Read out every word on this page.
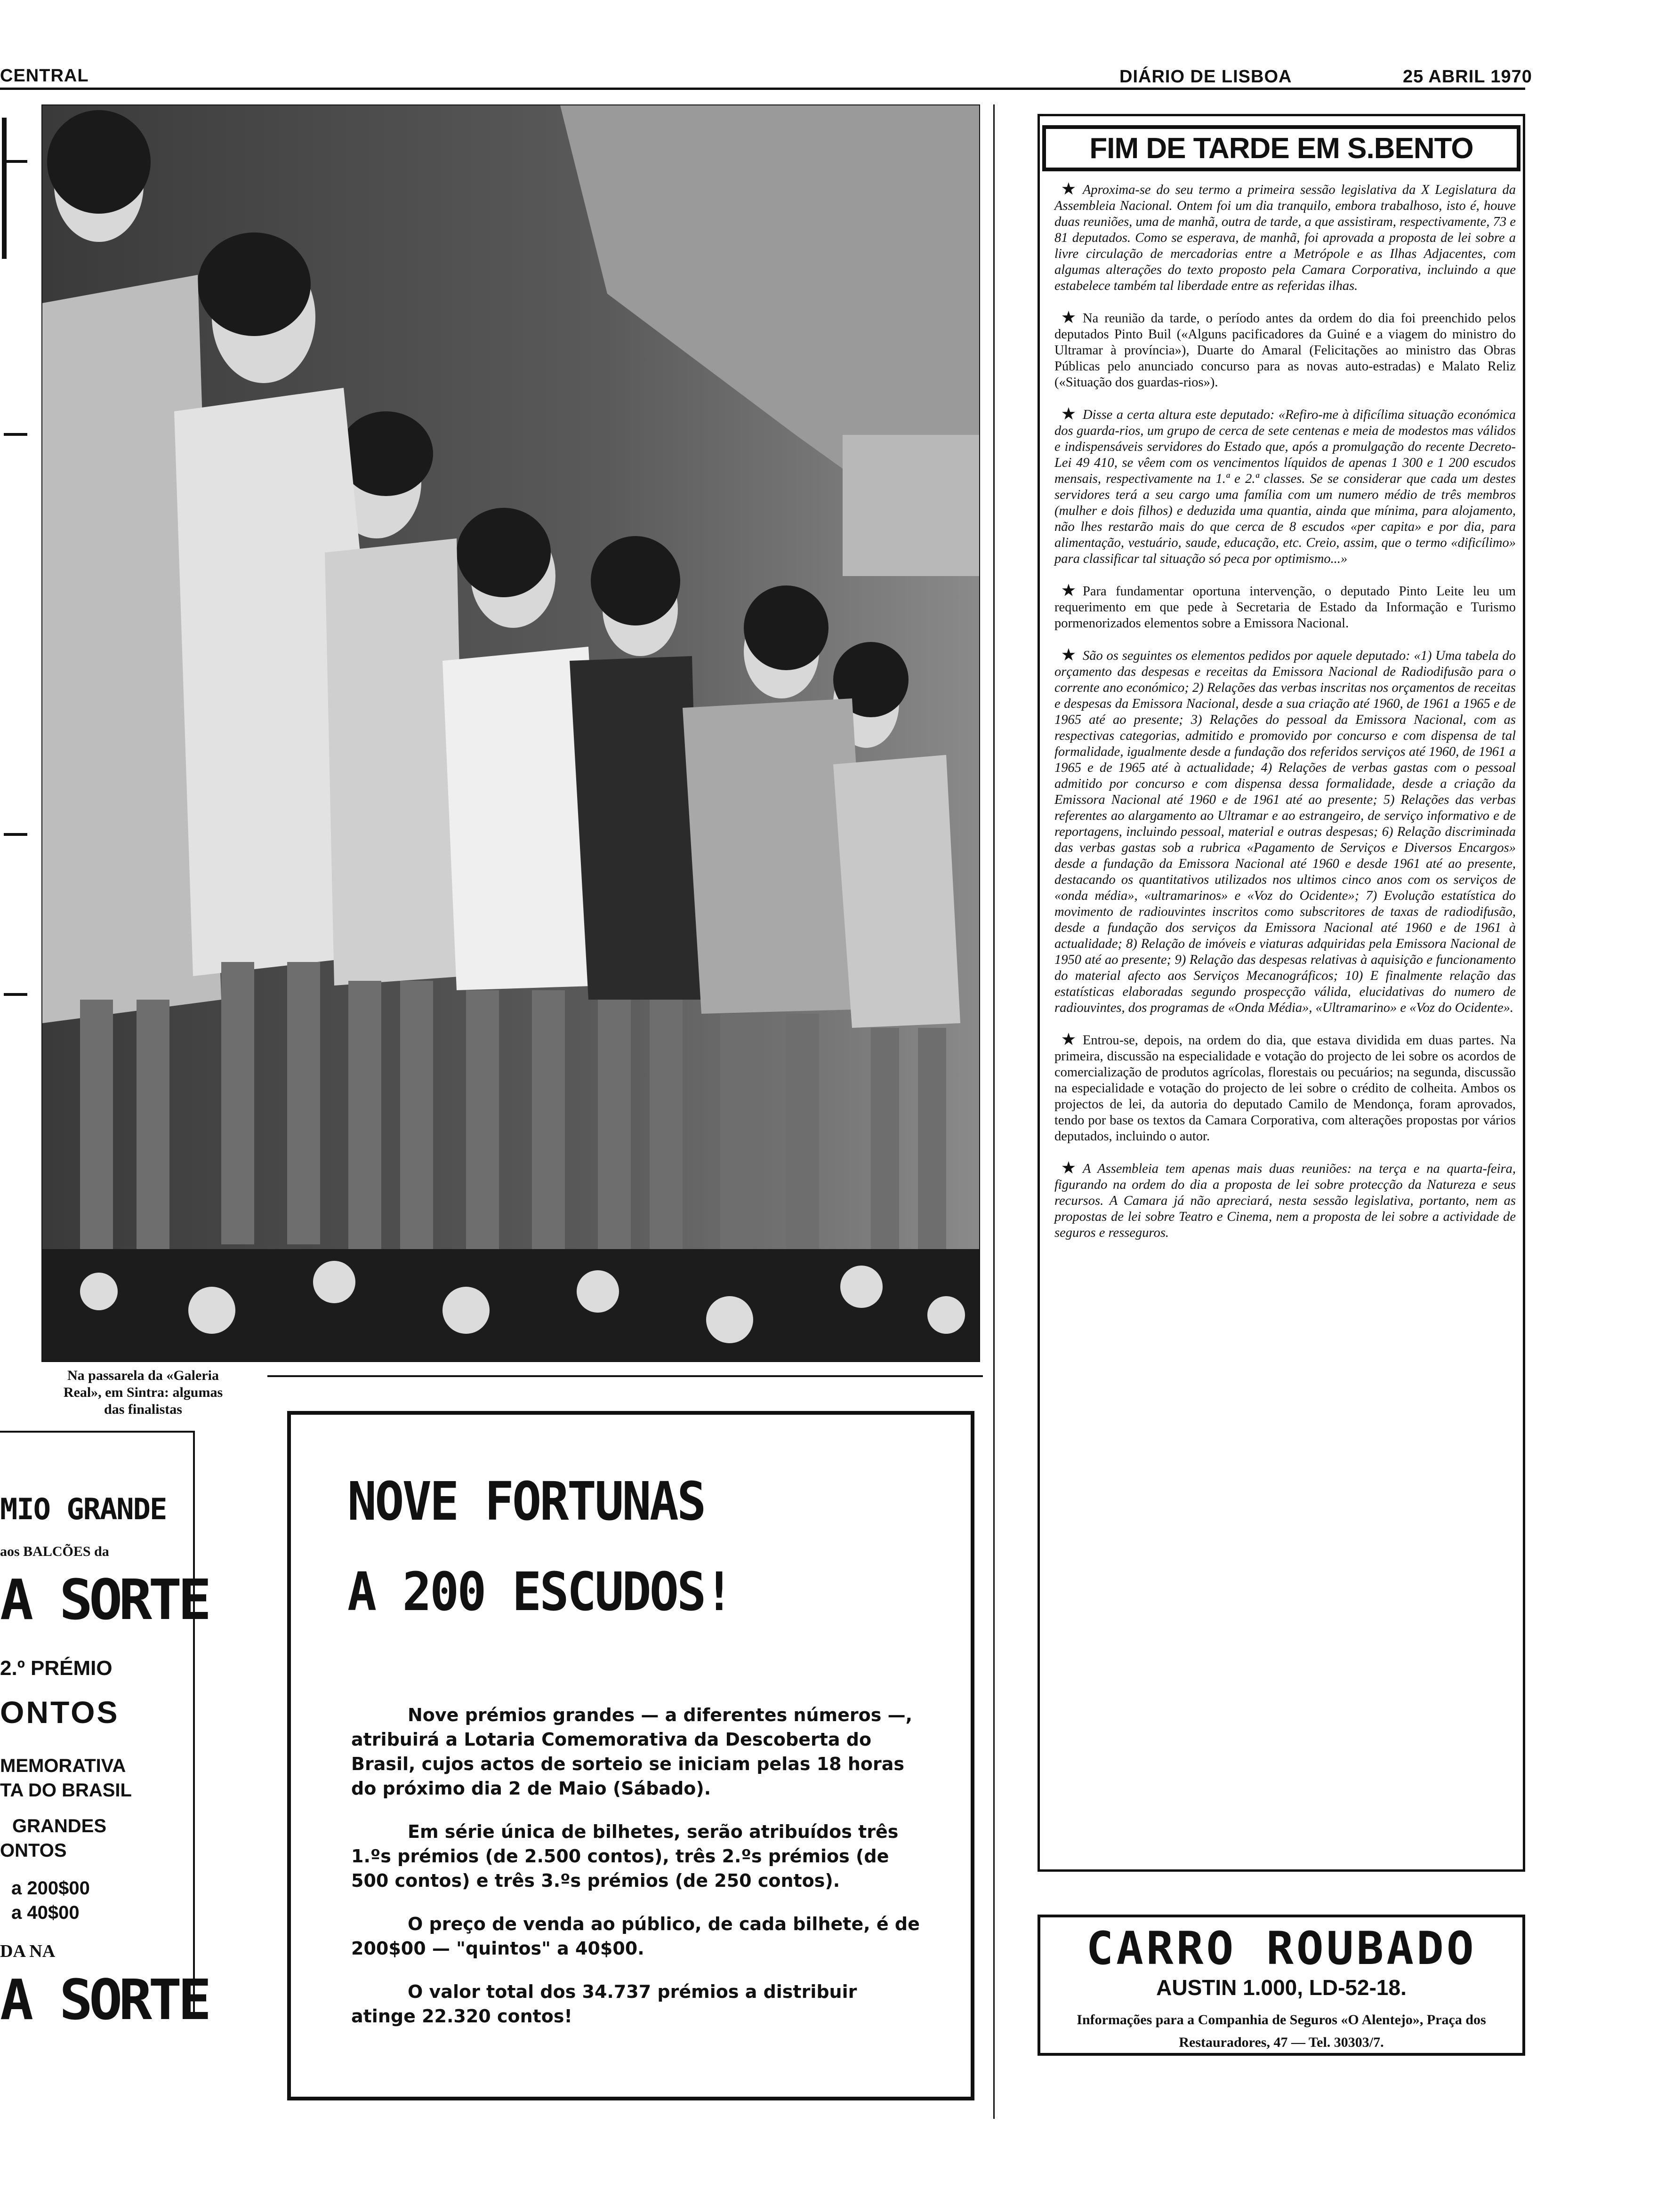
CENTRAL	DIÁRIO DE LISBOA	25 ABRIL 1970
Na passarela da «Galeria
Real», em Sintra: algumas
das finalistas
MIO GRANDE
aos BALCÕES da
A SORTE
2.º PRÉMIO
ONTOS
MEMORATIVA
TA DO BRASIL
GRANDES
ONTOS
a 200$00
a 40$00
DA NA
A SORTE
NOVE FORTUNAS
A 200 ESCUDOS!

Nove prémios grandes — a diferentes números —, atribuirá a Lotaria Comemorativa da Descoberta do Brasil, cujos actos de sorteio se iniciam pelas 18 horas do próximo dia 2 de Maio (Sábado).

Em série única de bilhetes, serão atribuídos três 1.ºs prémios (de 2.500 contos), três 2.ºs prémios (de 500 contos) e três 3.ºs prémios (de 250 contos).

O preço de venda ao público, de cada bilhete, é de 200$00 — "quintos" a 40$00.

O valor total dos 34.737 prémios a distribuir atinge 22.320 contos!

FIM DE TARDE EM S.BENTO
★ Aproxima-se do seu termo a primeira sessão legislativa da X Legislatura da Assembleia Nacional. Ontem foi um dia tranquilo, embora trabalhoso, isto é, houve duas reuniões, uma de manhã, outra de tarde, a que assistiram, respectivamente, 73 e 81 deputados. Como se esperava, de manhã, foi aprovada a proposta de lei sobre a livre circulação de mercadorias entre a Metrópole e as Ilhas Adjacentes, com algumas alterações do texto proposto pela Camara Corporativa, incluindo a que estabelece também tal liberdade entre as referidas ilhas.
★ Na reunião da tarde, o período antes da ordem do dia foi preenchido pelos deputados Pinto Buil («Alguns pacificadores da Guiné e a viagem do ministro do Ultramar à província»), Duarte do Amaral (Felicitações ao ministro das Obras Públicas pelo anunciado concurso para as novas auto-estradas) e Malato Reliz («Situação dos guardas-rios»).
★ Disse a certa altura este deputado: «Refiro-me à dificílima situação económica dos guarda-rios, um grupo de cerca de sete centenas e meia de modestos mas válidos e indispensáveis servidores do Estado que, após a promulgação do recente Decreto-Lei 49 410, se vêem com os vencimentos líquidos de apenas 1 300 e 1 200 escudos mensais, respectivamente na 1.ª e 2.ª classes. Se se considerar que cada um destes servidores terá a seu cargo uma família com um numero médio de três membros (mulher e dois filhos) e deduzida uma quantia, ainda que mínima, para alojamento, não lhes restarão mais do que cerca de 8 escudos «per capita» e por dia, para alimentação, vestuário, saude, educação, etc. Creio, assim, que o termo «dificílimo» para classificar tal situação só peca por optimismo...»
★ Para fundamentar oportuna intervenção, o deputado Pinto Leite leu um requerimento em que pede à Secretaria de Estado da Informação e Turismo pormenorizados elementos sobre a Emissora Nacional.
★ São os seguintes os elementos pedidos por aquele deputado: «1) Uma tabela do orçamento das despesas e receitas da Emissora Nacional de Radiodifusão para o corrente ano económico; 2) Relações das verbas inscritas nos orçamentos de receitas e despesas da Emissora Nacional, desde a sua criação até 1960, de 1961 a 1965 e de 1965 até ao presente; 3) Relações do pessoal da Emissora Nacional, com as respectivas categorias, admitido e promovido por concurso e com dispensa de tal formalidade, igualmente desde a fundação dos referidos serviços até 1960, de 1961 a 1965 e de 1965 até à actualidade; 4) Relações de verbas gastas com o pessoal admitido por concurso e com dispensa dessa formalidade, desde a criação da Emissora Nacional até 1960 e de 1961 até ao presente; 5) Relações das verbas referentes ao alargamento ao Ultramar e ao estrangeiro, de serviço informativo e de reportagens, incluindo pessoal, material e outras despesas; 6) Relação discriminada das verbas gastas sob a rubrica «Pagamento de Serviços e Diversos Encargos» desde a fundação da Emissora Nacional até 1960 e desde 1961 até ao presente, destacando os quantitativos utilizados nos ultimos cinco anos com os serviços de «onda média», «ultramarinos» e «Voz do Ocidente»; 7) Evolução estatística do movimento de radiouvintes inscritos como subscritores de taxas de radiodifusão, desde a fundação dos serviços da Emissora Nacional até 1960 e de 1961 à actualidade; 8) Relação de imóveis e viaturas adquiridas pela Emissora Nacional de 1950 até ao presente; 9) Relação das despesas relativas à aquisição e funcionamento do material afecto aos Serviços Mecanográficos; 10) E finalmente relação das estatísticas elaboradas segundo prospecção válida, elucidativas do numero de radiouvintes, dos programas de «Onda Média», «Ultramarino» e «Voz do Ocidente».
★ Entrou-se, depois, na ordem do dia, que estava dividida em duas partes. Na primeira, discussão na especialidade e votação do projecto de lei sobre os acordos de comercialização de produtos agrícolas, florestais ou pecuários; na segunda, discussão na especialidade e votação do projecto de lei sobre o crédito de colheita. Ambos os projectos de lei, da autoria do deputado Camilo de Mendonça, foram aprovados, tendo por base os textos da Camara Corporativa, com alterações propostas por vários deputados, incluindo o autor.
★ A Assembleia tem apenas mais duas reuniões: na terça e na quarta-feira, figurando na ordem do dia a proposta de lei sobre protecção da Natureza e seus recursos. A Camara já não apreciará, nesta sessão legislativa, portanto, nem as propostas de lei sobre Teatro e Cinema, nem a proposta de lei sobre a actividade de seguros e resseguros.
CARRO ROUBADO
AUSTIN 1.000, LD-52-18.
Informações para a Companhia de Seguros «O Alentejo», Praça dos Restauradores, 47 — Tel. 30303/7.
